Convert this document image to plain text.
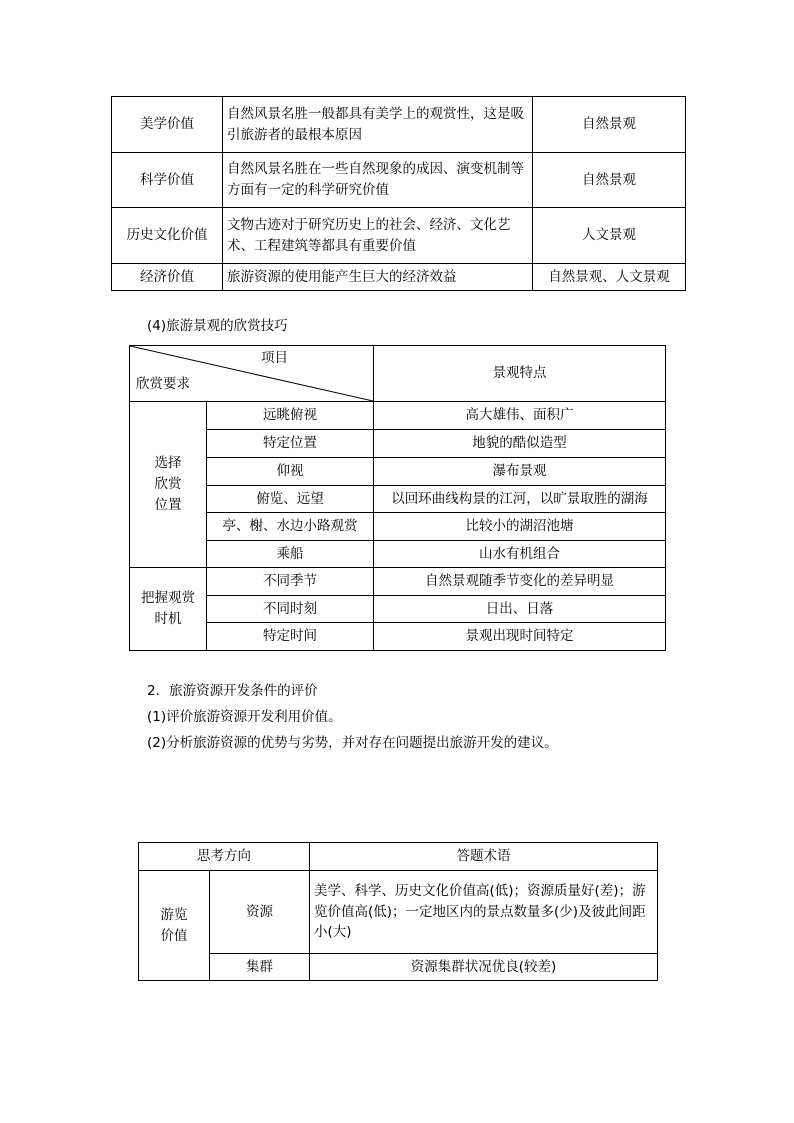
美学价值	自然风景名胜一般都具有美学上的观赏性，这是吸引旅游者的最根本原因	自然景观
科学价值	自然风景名胜在一些自然现象的成因、演变机制等方面有一定的科学研究价值	自然景观
历史文化价值	文物古迹对于研究历史上的社会、经济、文化艺术、工程建筑等都具有重要价值	人文景观
经济价值	旅游资源的使用能产生巨大的经济效益	自然景观、人文景观

(4)旅游景观的欣赏技巧

项目
欣赏要求		景观特点
选择
欣赏
位置	远眺俯视	高大雄伟、面积广
	特定位置	地貌的酷似造型
	仰视	瀑布景观
	俯览、远望	以回环曲线构景的江河，以旷景取胜的湖海
	亭、榭、水边小路观赏	比较小的湖沼池塘
	乘船	山水有机组合
把握观赏
时机	不同季节	自然景观随季节变化的差异明显
	不同时刻	日出、日落
	特定时间	景观出现时间特定

2．旅游资源开发条件的评价

(1)评价旅游资源开发利用价值。

(2)分析旅游资源的优势与劣势，并对存在问题提出旅游开发的建议。

思考方向		答题术语
游览
价值	资源	美学、科学、历史文化价值高(低)；资源质量好(差)；游览价值高(低)；一定地区内的景点数量多(少)及彼此间距小(大)
	集群	资源集群状况优良(较差)
